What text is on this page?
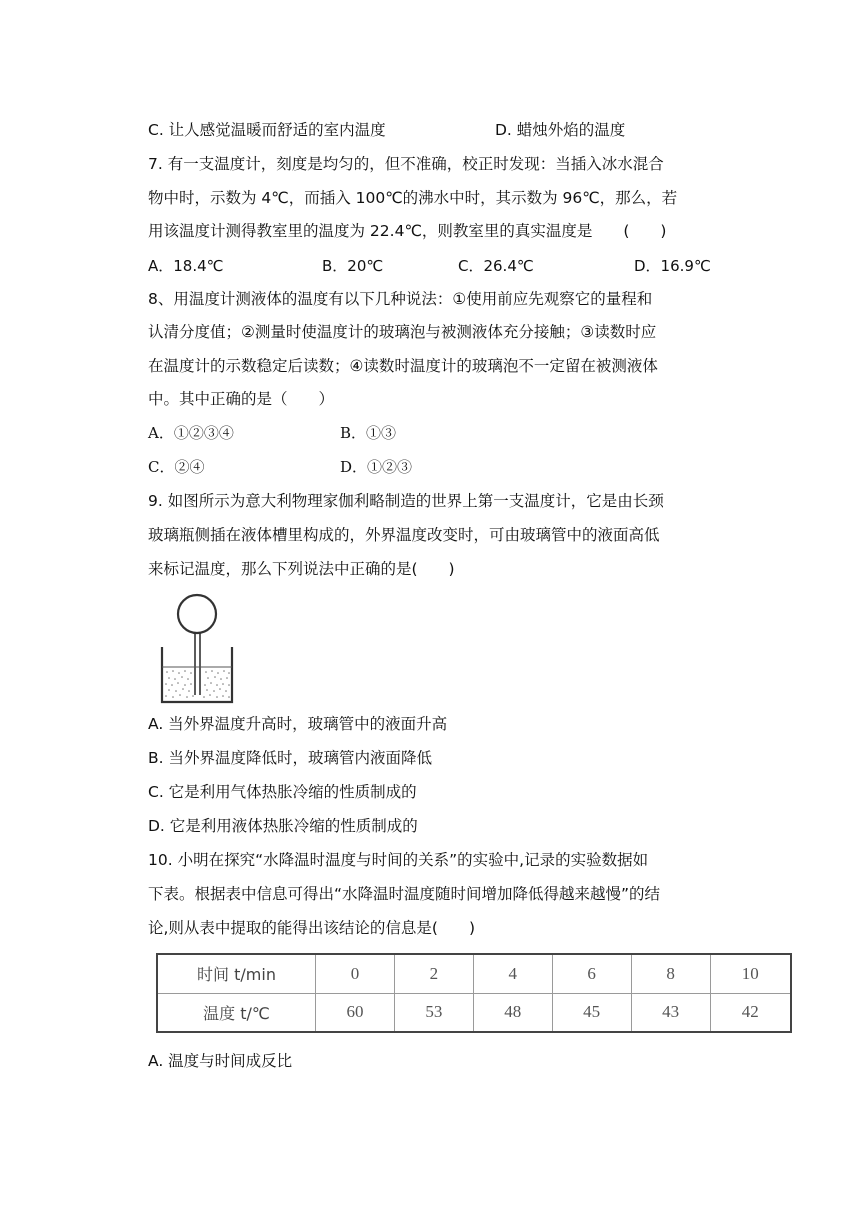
C. 让人感觉温暖而舒适的室内温度	D. 蜡烛外焰的温度
7. 有一支温度计，刻度是均匀的，但不准确，校正时发现：当插入冰水混合
物中时，示数为 4℃，而插入 100℃的沸水中时，其示数为 96℃，那么，若
用该温度计测得教室里的温度为 22.4℃，则教室里的真实温度是　　(　　)
A．18.4℃	B．20℃	C．26.4℃	D．16.9℃
8、用温度计测液体的温度有以下几种说法：①使用前应先观察它的量程和
认清分度值；②测量时使温度计的玻璃泡与被测液体充分接触；③读数时应
在温度计的示数稳定后读数；④读数时温度计的玻璃泡不一定留在被测液体
中。其中正确的是（　　）
A．①②③④	B．①③
C．②④	D．①②③
9. 如图所示为意大利物理家伽利略制造的世界上第一支温度计，它是由长颈
玻璃瓶侧插在液体槽里构成的，外界温度改变时，可由玻璃管中的液面高低
来标记温度，那么下列说法中正确的是(　　)
A. 当外界温度升高时，玻璃管中的液面升高
B. 当外界温度降低时，玻璃管内液面降低
C. 它是利用气体热胀冷缩的性质制成的
D. 它是利用液体热胀冷缩的性质制成的
10. 小明在探究“水降温时温度与时间的关系”的实验中,记录的实验数据如
下表。根据表中信息可得出“水降温时温度随时间增加降低得越来越慢”的结
论,则从表中提取的能得出该结论的信息是(　　)
时间 t/min	0	2	4	6	8	10
温度 t/℃	60	53	48	45	43	42
A. 温度与时间成反比
